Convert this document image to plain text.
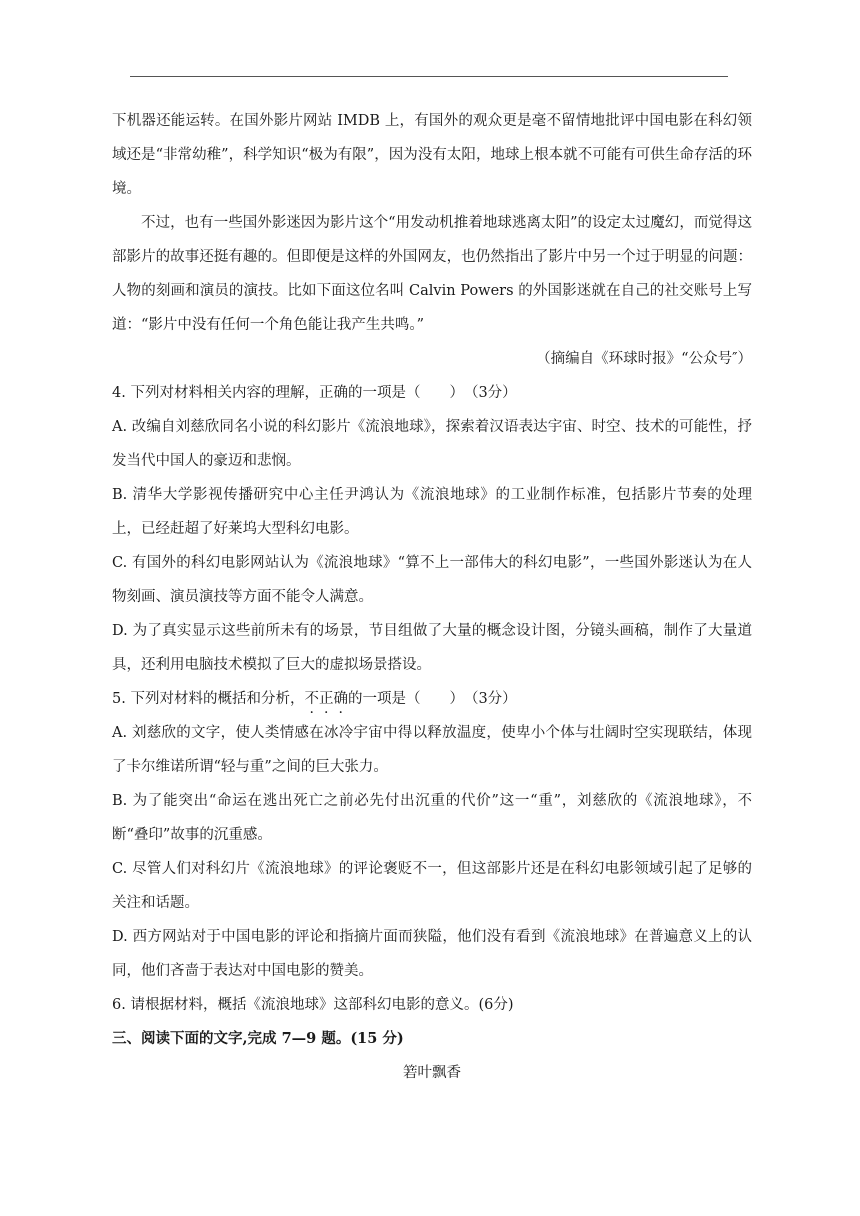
下机器还能运转。在国外影片网站 IMDB 上，有国外的观众更是毫不留情地批评中国电影在科幻领域还是“非常幼稚”，科学知识“极为有限”，因为没有太阳，地球上根本就不可能有可供生命存活的环境。

不过，也有一些国外影迷因为影片这个“用发动机推着地球逃离太阳”的设定太过魔幻，而觉得这部影片的故事还挺有趣的。但即便是这样的外国网友，也仍然指出了影片中另一个过于明显的问题：人物的刻画和演员的演技。比如下面这位名叫 Calvin Powers 的外国影迷就在自己的社交账号上写道：“影片中没有任何一个角色能让我产生共鸣。”

（摘编自《环球时报》“公众号″）

4. 下列对材料相关内容的理解，正确的一项是（　　）　（3分）

A. 改编自刘慈欣同名小说的科幻影片《流浪地球》，探索着汉语表达宇宙、时空、技术的可能性，抒发当代中国人的豪迈和悲悯。

B. 清华大学影视传播研究中心主任尹鸿认为《流浪地球》的工业制作标准，包括影片节奏的处理上，已经赶超了好莱坞大型科幻电影。

C. 有国外的科幻电影网站认为《流浪地球》“算不上一部伟大的科幻电影”，一些国外影迷认为在人物刻画、演员演技等方面不能令人满意。

D. 为了真实显示这些前所未有的场景，节目组做了大量的概念设计图，分镜头画稿，制作了大量道具，还利用电脑技术模拟了巨大的虚拟场景搭设。

5. 下列对材料的概括和分析，不正确的一项是（　　）　（3分）

A. 刘慈欣的文字，使人类情感在冰冷宇宙中得以释放温度，使卑小个体与壮阔时空实现联结，体现了卡尔维诺所谓“轻与重”之间的巨大张力。

B. 为了能突出“命运在逃出死亡之前必先付出沉重的代价”这一“重”，刘慈欣的《流浪地球》，不断“叠印”故事的沉重感。

C. 尽管人们对科幻片《流浪地球》的评论褒贬不一，但这部影片还是在科幻电影领域引起了足够的关注和话题。

D. 西方网站对于中国电影的评论和指摘片面而狭隘，他们没有看到《流浪地球》在普遍意义上的认同，他们吝啬于表达对中国电影的赞美。

6. 请根据材料，概括《流浪地球》这部科幻电影的意义。(6分)

三、阅读下面的文字,完成 7—9 题。(15 分)

箬叶飘香
